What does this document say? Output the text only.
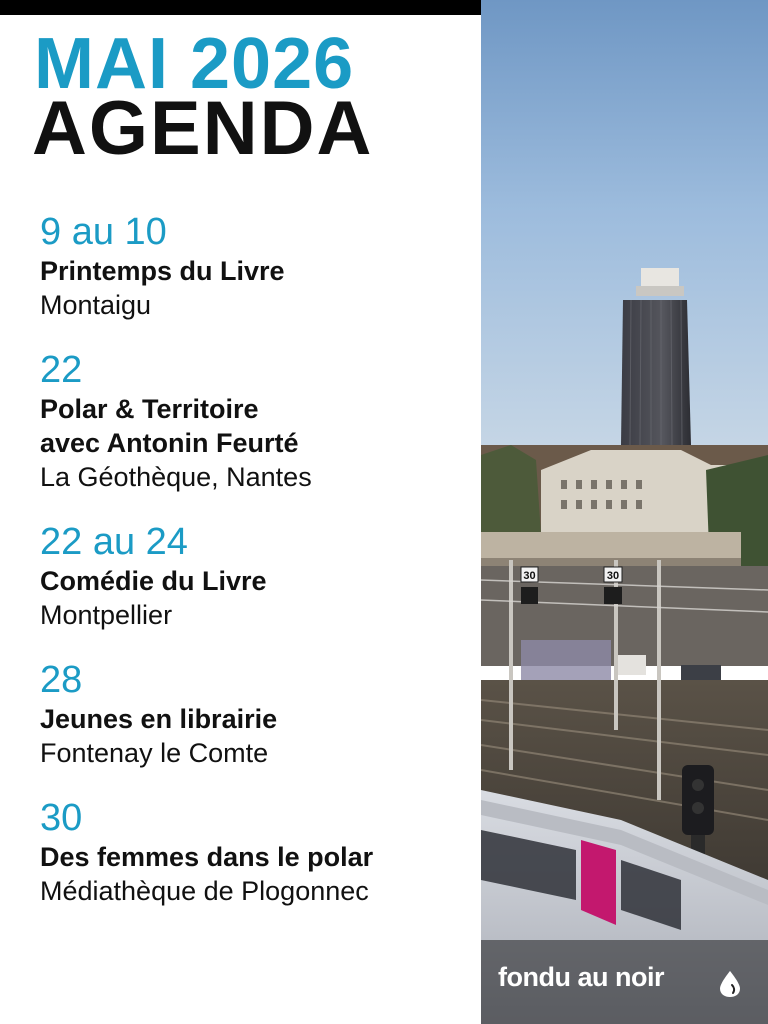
MAI 2026
AGENDA
9 au 10
Printemps du Livre
Montaigu
22
Polar & Territoire
avec Antonin Feurté
La Géothèque, Nantes
22 au 24
Comédie du Livre
Montpellier
28
Jeunes en librairie
Fontenay le Comte
30
Des femmes dans le polar
Médiathèque de Plogonnec
30	30
fondu au noir
